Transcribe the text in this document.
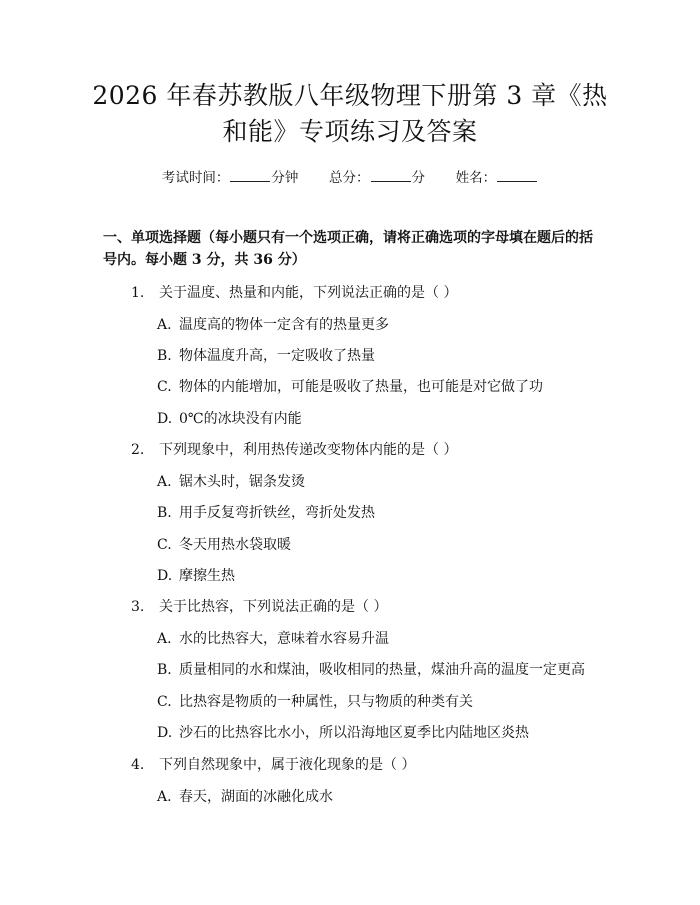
2026 年春苏教版八年级物理下册第 3 章《热
和能》专项练习及答案
考试时间：	分钟 总分：	分 姓名：
一、单项选择题（每小题只有一个选项正确，请将正确选项的字母填在题后的括
号内。每小题 3 分，共 36 分）
1. 关于温度、热量和内能，下列说法正确的是（ ）
A. 温度高的物体一定含有的热量更多
B. 物体温度升高，一定吸收了热量
C. 物体的内能增加，可能是吸收了热量，也可能是对它做了功
D. 0℃的冰块没有内能
2. 下列现象中，利用热传递改变物体内能的是（ ）
A. 锯木头时，锯条发烫
B. 用手反复弯折铁丝，弯折处发热
C. 冬天用热水袋取暖
D. 摩擦生热
3. 关于比热容，下列说法正确的是（ ）
A. 水的比热容大，意味着水容易升温
B. 质量相同的水和煤油，吸收相同的热量，煤油升高的温度一定更高
C. 比热容是物质的一种属性，只与物质的种类有关
D. 沙石的比热容比水小，所以沿海地区夏季比内陆地区炎热
4. 下列自然现象中，属于液化现象的是（ ）
A. 春天，湖面的冰融化成水
